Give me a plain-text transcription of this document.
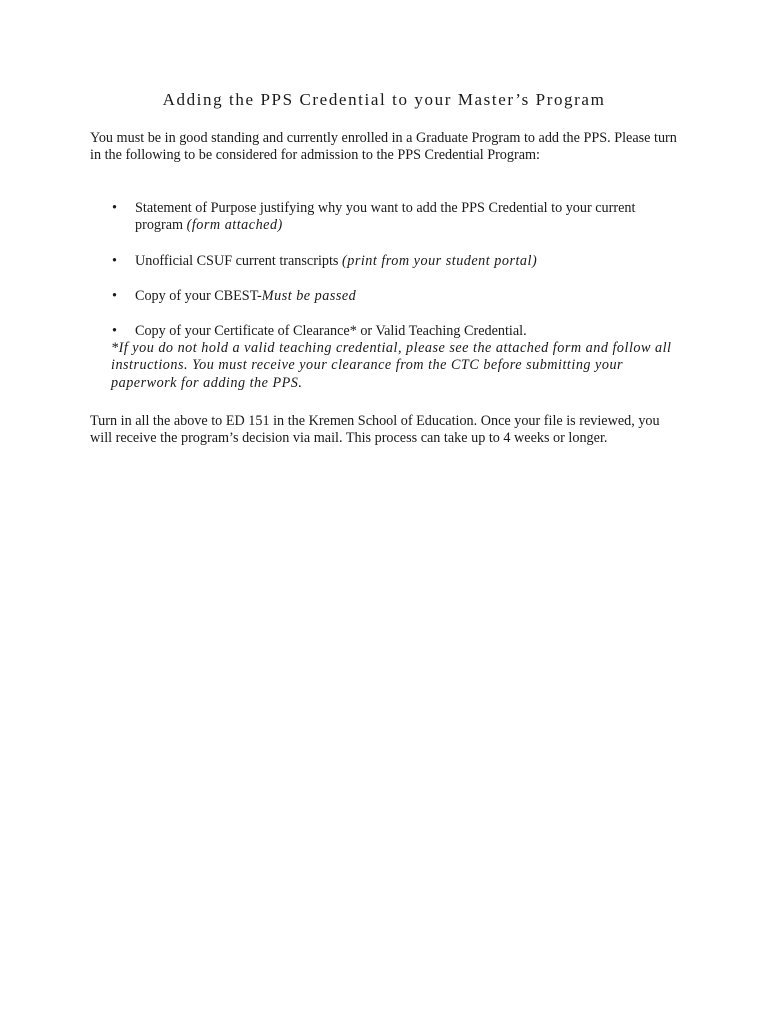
Adding the PPS Credential to your Master’s Program

You must be in good standing and currently enrolled in a Graduate Program to add the PPS. Please turn in the following to be considered for admission to the PPS Credential Program:

• Statement of Purpose justifying why you want to add the PPS Credential to your current program (form attached)
• Unofficial CSUF current transcripts (print from your student portal)
• Copy of your CBEST-Must be passed
• Copy of your Certificate of Clearance* or Valid Teaching Credential.
*If you do not hold a valid teaching credential, please see the attached form and follow all instructions. You must receive your clearance from the CTC before submitting your paperwork for adding the PPS.

Turn in all the above to ED 151 in the Kremen School of Education. Once your file is reviewed, you will receive the program’s decision via mail. This process can take up to 4 weeks or longer.
